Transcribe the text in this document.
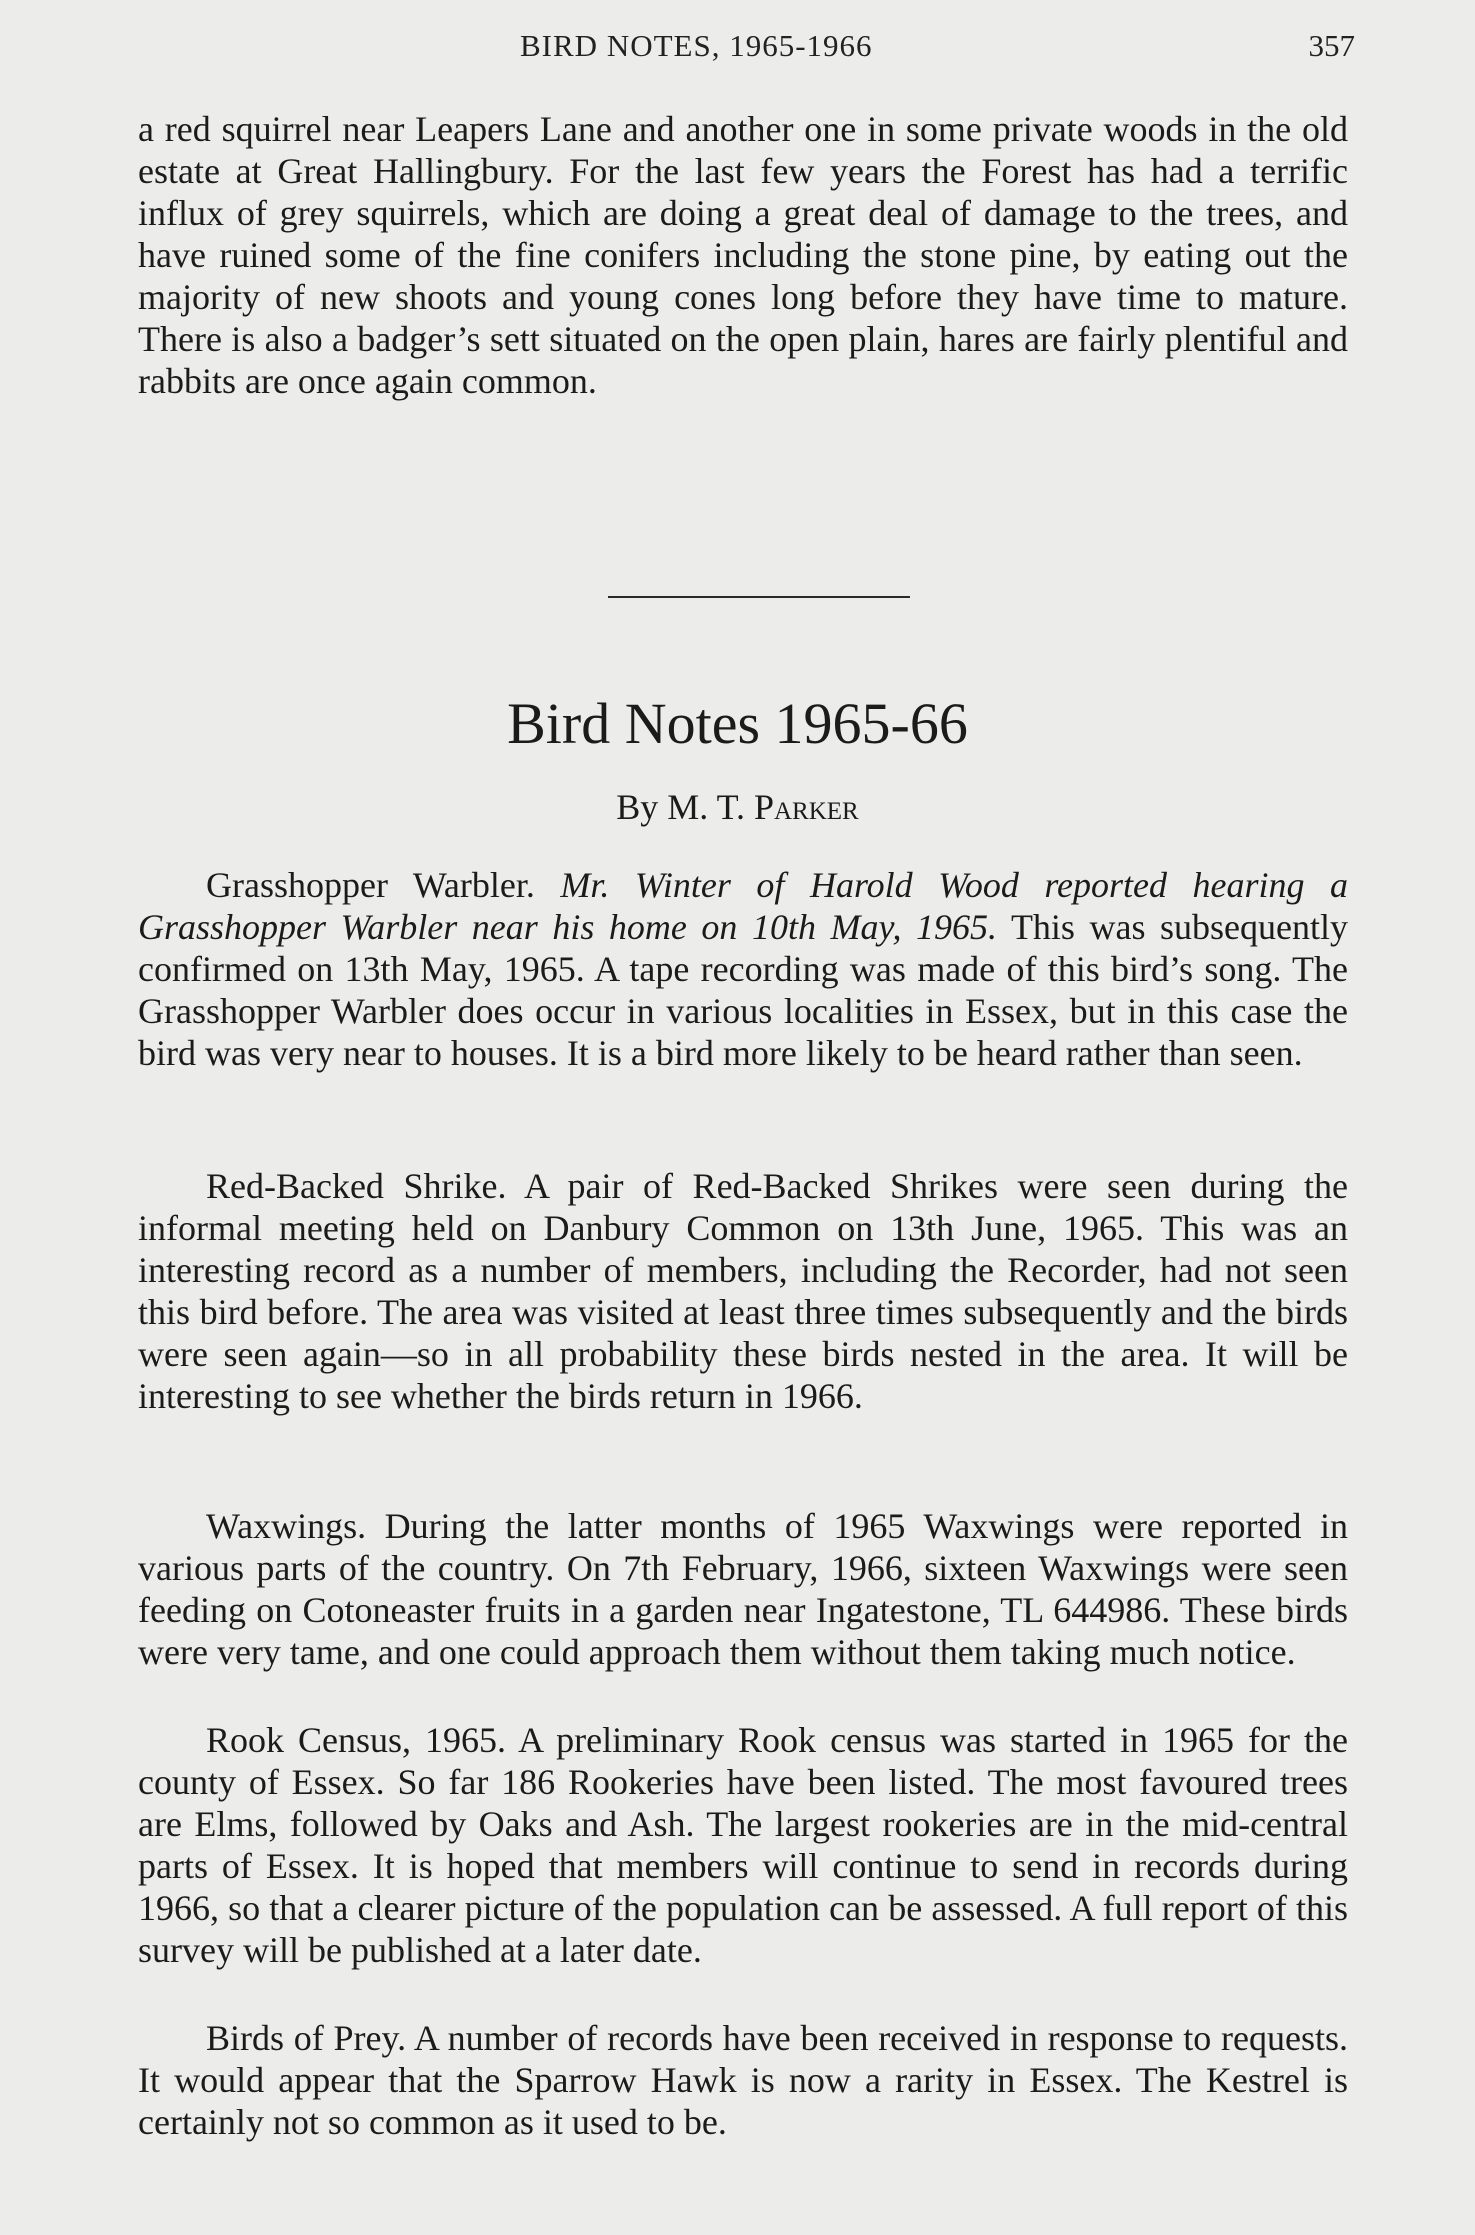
BIRD NOTES, 1965-1966	357

a red squirrel near Leapers Lane and another one in some private woods in the old estate at Great Hallingbury. For the last few years the Forest has had a terrific influx of grey squirrels, which are doing a great deal of damage to the trees, and have ruined some of the fine conifers including the stone pine, by eating out the majority of new shoots and young cones long before they have time to mature. There is also a badger’s sett situated on the open plain, hares are fairly plentiful and rabbits are once again common.

Bird Notes 1965-66
By M. T. Parker

Grasshopper Warbler. Mr. Winter of Harold Wood reported hearing a Grasshopper Warbler near his home on 10th May, 1965. This was subsequently confirmed on 13th May, 1965. A tape recording was made of this bird’s song. The Grasshopper Warbler does occur in various localities in Essex, but in this case the bird was very near to houses. It is a bird more likely to be heard rather than seen.

Red-Backed Shrike. A pair of Red-Backed Shrikes were seen during the informal meeting held on Danbury Common on 13th June, 1965. This was an interesting record as a number of members, including the Recorder, had not seen this bird before. The area was visited at least three times subsequently and the birds were seen again—so in all probability these birds nested in the area. It will be interesting to see whether the birds return in 1966.

Waxwings. During the latter months of 1965 Waxwings were reported in various parts of the country. On 7th February, 1966, sixteen Waxwings were seen feeding on Cotoneaster fruits in a garden near Ingatestone, TL 644986. These birds were very tame, and one could approach them without them taking much notice.

Rook Census, 1965. A preliminary Rook census was started in 1965 for the county of Essex. So far 186 Rookeries have been listed. The most favoured trees are Elms, followed by Oaks and Ash. The largest rookeries are in the mid-central parts of Essex. It is hoped that members will continue to send in records during 1966, so that a clearer picture of the population can be assessed. A full report of this survey will be published at a later date.

Birds of Prey. A number of records have been received in response to requests. It would appear that the Sparrow Hawk is now a rarity in Essex. The Kestrel is certainly not so common as it used to be.
